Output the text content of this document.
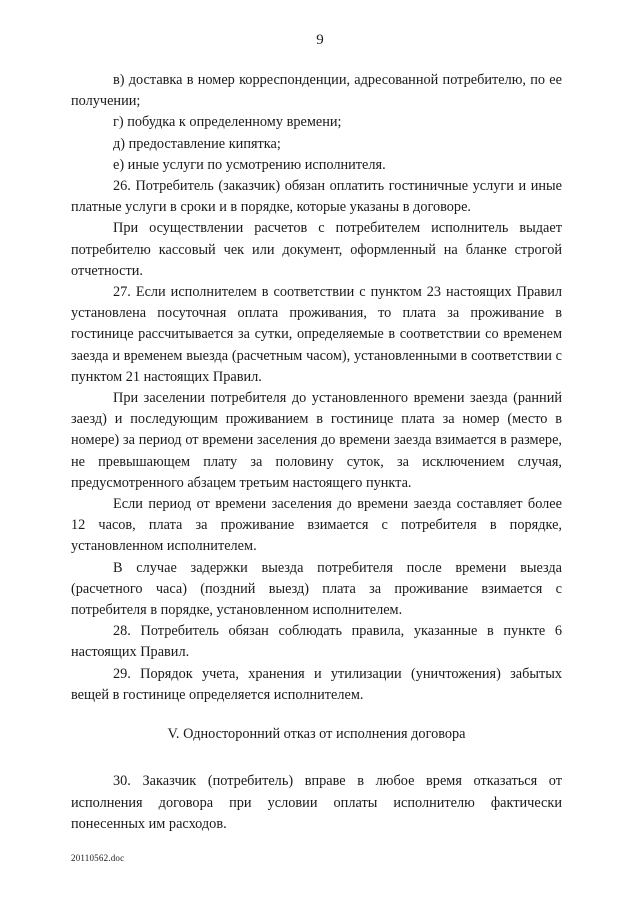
9

в) доставка в номер корреспонденции, адресованной потребителю, по ее получении;

г) побудка к определенному времени;

д) предоставление кипятка;

е) иные услуги по усмотрению исполнителя.

26. Потребитель (заказчик) обязан оплатить гостиничные услуги и иные платные услуги в сроки и в порядке, которые указаны в договоре.

При осуществлении расчетов с потребителем исполнитель выдает потребителю кассовый чек или документ, оформленный на бланке строгой отчетности.

27. Если исполнителем в соответствии с пунктом 23 настоящих Правил установлена посуточная оплата проживания, то плата за проживание в гостинице рассчитывается за сутки, определяемые в соответствии со временем заезда и временем выезда (расчетным часом), установленными в соответствии с пунктом 21 настоящих Правил.

При заселении потребителя до установленного времени заезда (ранний заезд) и последующим проживанием в гостинице плата за номер (место в номере) за период от времени заселения до времени заезда взимается в размере, не превышающем плату за половину суток, за исключением случая, предусмотренного абзацем третьим настоящего пункта.

Если период от времени заселения до времени заезда составляет более 12 часов, плата за проживание взимается с потребителя в порядке, установленном исполнителем.

В случае задержки выезда потребителя после времени выезда (расчетного часа) (поздний выезд) плата за проживание взимается с потребителя в порядке, установленном исполнителем.

28. Потребитель обязан соблюдать правила, указанные в пункте 6 настоящих Правил.

29. Порядок учета, хранения и утилизации (уничтожения) забытых вещей в гостинице определяется исполнителем.

V. Односторонний отказ от исполнения договора

30. Заказчик (потребитель) вправе в любое время отказаться от исполнения договора при условии оплаты исполнителю фактически понесенных им расходов.

20110562.doc
